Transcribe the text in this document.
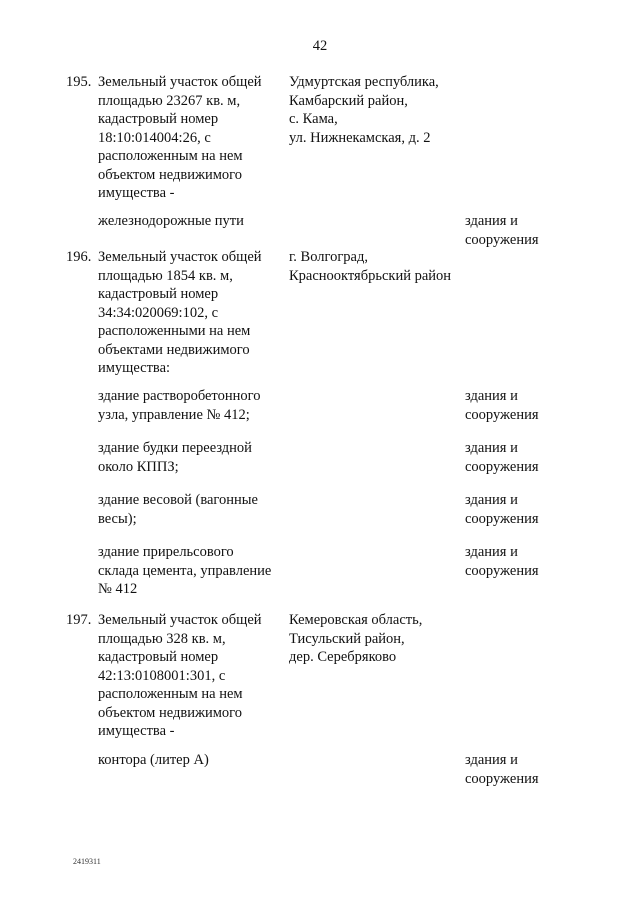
42
195. Земельный участок общей
площадью 23267 кв. м,
кадастровый номер
18:10:014004:26, с
расположенным на нем
объектом недвижимого
имущества -
Удмуртская республика,
Камбарский район,
с. Кама,
ул. Нижнекамская, д. 2
железнодорожные пути	здания и
сооружения
196. Земельный участок общей
площадью 1854 кв. м,
кадастровый номер
34:34:020069:102, с
расположенными на нем
объектами недвижимого
имущества:
г. Волгоград,
Краснооктябрьский район
здание растворобетонного
узла, управление № 412;
здания и
сооружения
здание будки переездной
около КППЗ;
здания и
сооружения
здание весовой (вагонные
весы);
здания и
сооружения
здание прирельсового
склада цемента, управление
№ 412
здания и
сооружения
197. Земельный участок общей
площадью 328 кв. м,
кадастровый номер
42:13:0108001:301, с
расположенным на нем
объектом недвижимого
имущества -
Кемеровская область,
Тисульский район,
дер. Серебряково
контора (литер А)	здания и
сооружения
2419311
